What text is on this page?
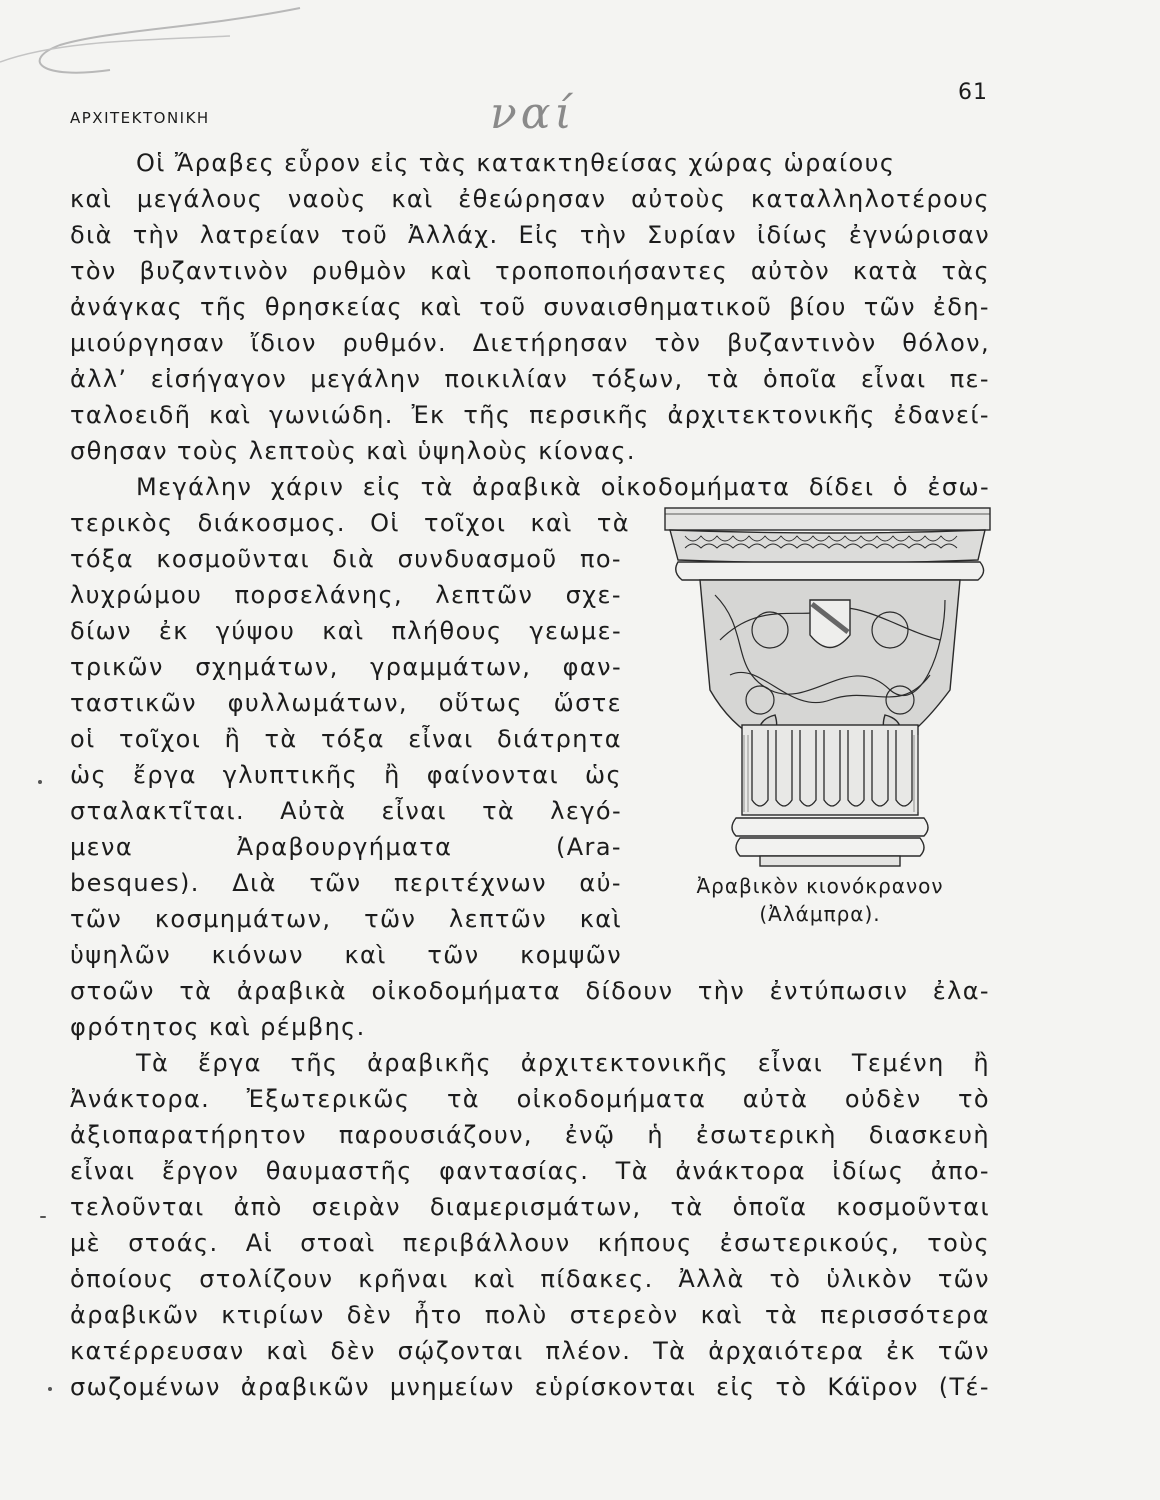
ναί	61
ΑΡΧΙΤΕΚΤΟΝΙΚΗ
Οἱ Ἄραβες εὗρον εἰς τὰς κατακτηθείσας χώρας ὡραίους
καὶ μεγάλους ναοὺς καὶ ἐθεώρησαν αὐτοὺς καταλληλοτέρους
διὰ τὴν λατρείαν τοῦ Ἀλλάχ. Εἰς τὴν Συρίαν ἰδίως ἐγνώρισαν
τὸν βυζαντινὸν ρυθμὸν καὶ τροποποιήσαντες αὐτὸν κατὰ τὰς
ἀνάγκας τῆς θρησκείας καὶ τοῦ συναισθηματικοῦ βίου τῶν ἐδη-
μιούργησαν ἴδιον ρυθμόν. Διετήρησαν τὸν βυζαντινὸν θόλον,
ἀλλ’ εἰσήγαγον μεγάλην ποικιλίαν τόξων, τὰ ὁποῖα εἶναι πε-
ταλοειδῆ καὶ γωνιώδη. Ἐκ τῆς περσικῆς ἀρχιτεκτονικῆς ἐδανεί-
σθησαν τοὺς λεπτοὺς καὶ ὑψηλοὺς κίονας.
Μεγάλην χάριν εἰς τὰ ἀραβικὰ οἰκοδομήματα δίδει ὁ ἐσω-
τερικὸς διάκοσμος. Οἱ τοῖχοι καὶ τὰ
τόξα κοσμοῦνται διὰ συνδυασμοῦ πο-
λυχρώμου πορσελάνης, λεπτῶν σχε-
δίων ἐκ γύψου καὶ πλήθους γεωμε-
τρικῶν σχημάτων, γραμμάτων, φαν-
ταστικῶν φυλλωμάτων, οὕτως ὥστε
οἱ τοῖχοι ἢ τὰ τόξα εἶναι διάτρητα
ὡς ἔργα γλυπτικῆς ἢ φαίνονται ὡς
σταλακτῖται. Αὐτὰ εἶναι τὰ λεγό-
μενα Ἀραβουργήματα (Ara-
besques). Διὰ τῶν περιτέχνων αὐ-
τῶν κοσμημάτων, τῶν λεπτῶν καὶ
ὑψηλῶν κιόνων καὶ τῶν κομψῶν
στοῶν τὰ ἀραβικὰ οἰκοδομήματα δίδουν τὴν ἐντύπωσιν ἐλα-
φρότητος καὶ ρέμβης.
Τὰ ἔργα τῆς ἀραβικῆς ἀρχιτεκτονικῆς εἶναι Τεμένη ἢ
Ἀνάκτορα. Ἐξωτερικῶς τὰ οἰκοδομήματα αὐτὰ οὐδὲν τὸ
ἀξιοπαρατήρητον παρουσιάζουν, ἐνῷ ἡ ἐσωτερικὴ διασκευὴ
εἶναι ἔργον θαυμαστῆς φαντασίας. Τὰ ἀνάκτορα ἰδίως ἀπο-
τελοῦνται ἀπὸ σειρὰν διαμερισμάτων, τὰ ὁποῖα κοσμοῦνται
μὲ στοάς. Αἱ στοαὶ περιβάλλουν κήπους ἐσωτερικούς, τοὺς
ὁποίους στολίζουν κρῆναι καὶ πίδακες. Ἀλλὰ τὸ ὑλικὸν τῶν
ἀραβικῶν κτιρίων δὲν ἦτο πολὺ στερεὸν καὶ τὰ περισσότερα
κατέρρευσαν καὶ δὲν σῴζονται πλέον. Τὰ ἀρχαιότερα ἐκ τῶν
σωζομένων ἀραβικῶν μνημείων εὑρίσκονται εἰς τὸ Κάϊρον (Τέ-
Ἀραβικὸν κιονόκρανον
(Ἀλάμπρα).
